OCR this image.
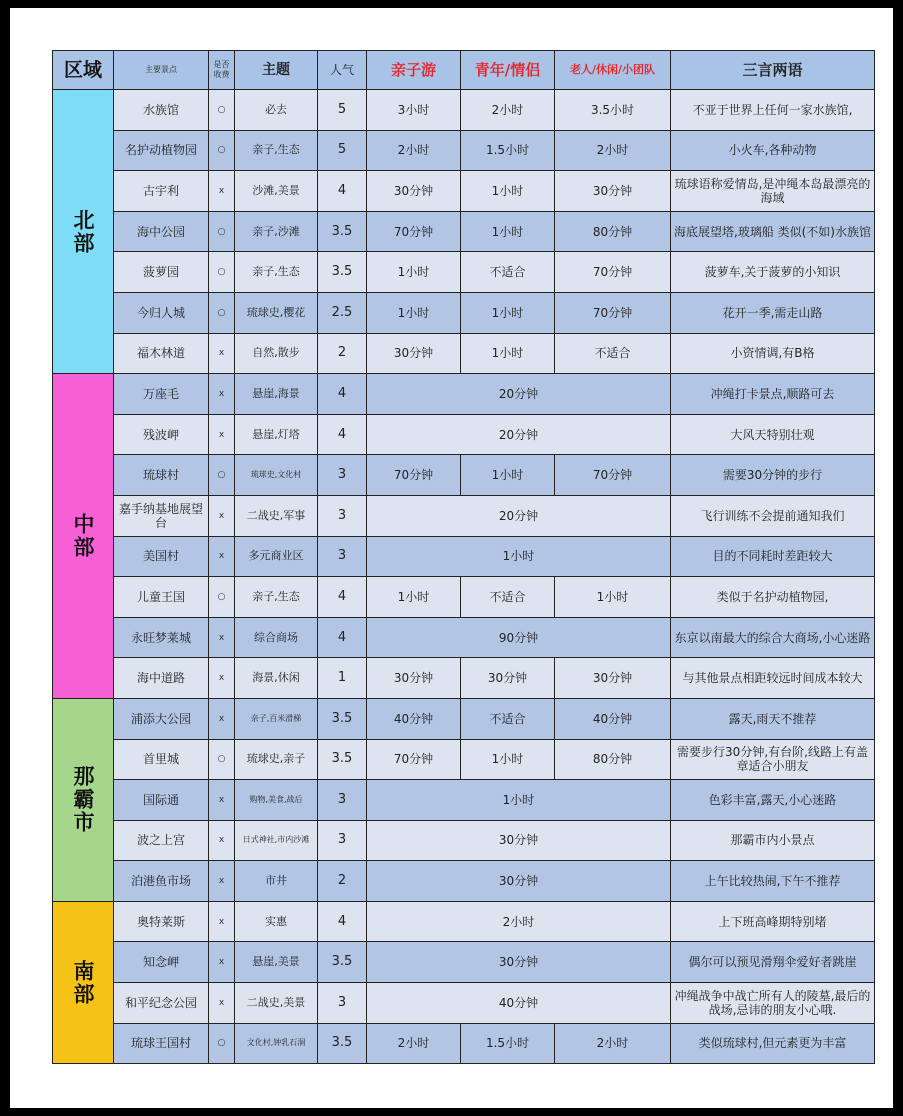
区域	主要景点	是否收费	主题	人气	亲子游	青年/情侣	老人/休闲/小团队	三言两语
北部	水族馆	○	必去	5	3小时	2小时	3.5小时	不亚于世界上任何一家水族馆,
	名护动植物园	○	亲子,生态	5	2小时	1.5小时	2小时	小火车,各种动物
	古宇利	x	沙滩,美景	4	30分钟	1小时	30分钟	琉球语称爱情岛,是冲绳本岛最漂亮的海域
	海中公园	○	亲子,沙滩	3.5	70分钟	1小时	80分钟	海底展望塔,玻璃船 类似(不如)水族馆
	菠萝园	○	亲子,生态	3.5	1小时	不适合	70分钟	菠萝车,关于菠萝的小知识
	今归人城	○	琉球史,樱花	2.5	1小时	1小时	70分钟	花开一季,需走山路
	福木林道	x	自然,散步	2	30分钟	1小时	不适合	小资情调,有B格
中部	万座毛	x	悬崖,海景	4	20分钟			冲绳打卡景点,顺路可去
	残波岬	x	悬崖,灯塔	4	20分钟			大风天特别壮观
	琉球村	○	琉球史,文化村	3	70分钟	1小时	70分钟	需要30分钟的步行
	嘉手纳基地展望台	x	二战史,军事	3	20分钟			飞行训练不会提前通知我们
	美国村	x	多元商业区	3	1小时			目的不同耗时差距较大
	儿童王国	○	亲子,生态	4	1小时	不适合	1小时	类似于名护动植物园,
	永旺梦莱城	x	综合商场	4	90分钟			东京以南最大的综合大商场,小心迷路
	海中道路	x	海景,休闲	1	30分钟	30分钟	30分钟	与其他景点相距较远时间成本较大
那霸市	浦添大公园	x	亲子,百米滑梯	3.5	40分钟	不适合	40分钟	露天,雨天不推荐
	首里城	○	琉球史,亲子	3.5	70分钟	1小时	80分钟	需要步行30分钟,有台阶,线路上有盖章适合小朋友
	国际通	x	购物,美食,战后	3	1小时			色彩丰富,露天,小心迷路
	波之上宫	x	日式神社,市内沙滩	3	30分钟			那霸市内小景点
	泊港鱼市场	x	市井	2	30分钟			上午比较热闹,下午不推荐
南部	奥特莱斯	x	实惠	4	2小时			上下班高峰期特别堵
	知念岬	x	悬崖,美景	3.5	30分钟			偶尔可以预见滑翔伞爱好者跳崖
	和平纪念公园	x	二战史,美景	3	40分钟			冲绳战争中战亡所有人的陵墓,最后的战场,忌讳的朋友小心哦.
	琉球王国村	○	文化村,钟乳石洞	3.5	2小时	1.5小时	2小时	类似琉球村,但元素更为丰富
